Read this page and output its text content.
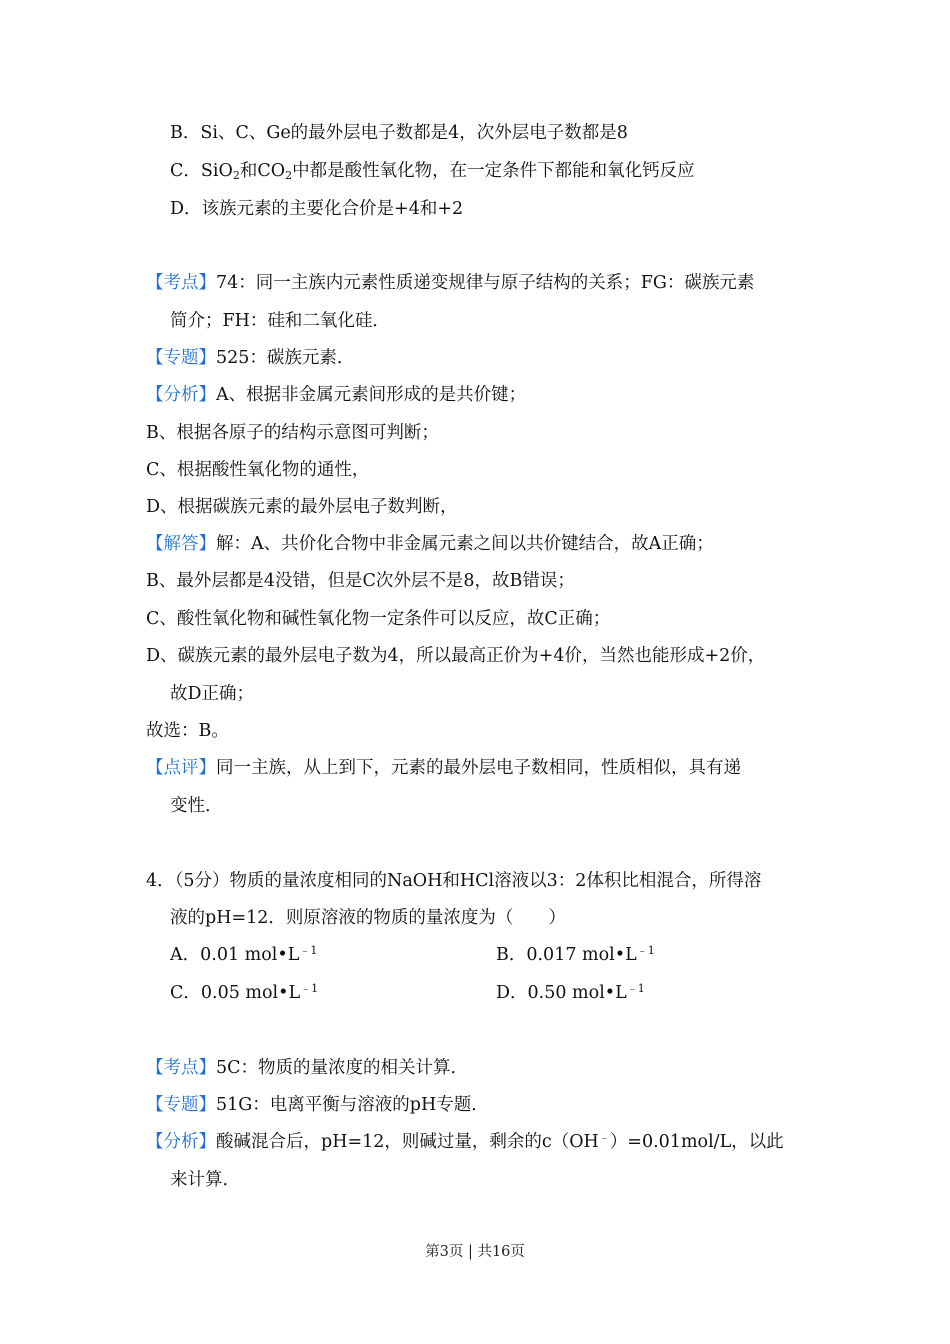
B．Si、C、Ge的最外层电子数都是4，次外层电子数都是8
C．SiO$_2$和$CO_2$中都是酸性氧化物，在一定条件下都能和氧化钙反应
D．该族元素的主要化合价是+4和+2
【考点】74：同一主族内元素性质递变规律与原子结构的关系；FG：碳族元素
简介；FH：硅和二氧化硅．
【专题】525：碳族元素．
【分析】A、根据非金属元素间形成的是共价键；
B、根据各原子的结构示意图可判断；
C、根据酸性氧化物的通性，
D、根据碳族元素的最外层电子数判断，
【解答】解：A、共价化合物中非金属元素之间以共价键结合，故A正确；
B、最外层都是4没错，但是C次外层不是8，故B错误；
C、酸性氧化物和碱性氧化物一定条件可以反应，故C正确；
D、碳族元素的最外层电子数为4，所以最高正价为+4价，当然也能形成+2价，
故D正确；
故选：B。
【点评】同一主族，从上到下，元素的最外层电子数相同，性质相似，具有递
变性．
4．（5分）物质的量浓度相同的NaOH和HCl溶液以3：2体积比相混合，所得溶
液的pH=12．则原溶液的物质的量浓度为（　　）
A．0.01 $mol•L^{﹣1}$	B．0.017 $mol•L^{﹣1}$
C．0.05 $mol•L^{﹣1}$	D．0.50 $mol•L^{﹣1}$
【考点】5C：物质的量浓度的相关计算．
【专题】51G：电离平衡与溶液的pH专题．
【分析】酸碱混合后，pH=12，则碱过量，剩余的c（OH﹣）=0.01mol/L，以此
来计算．
第3页 | 共16页
